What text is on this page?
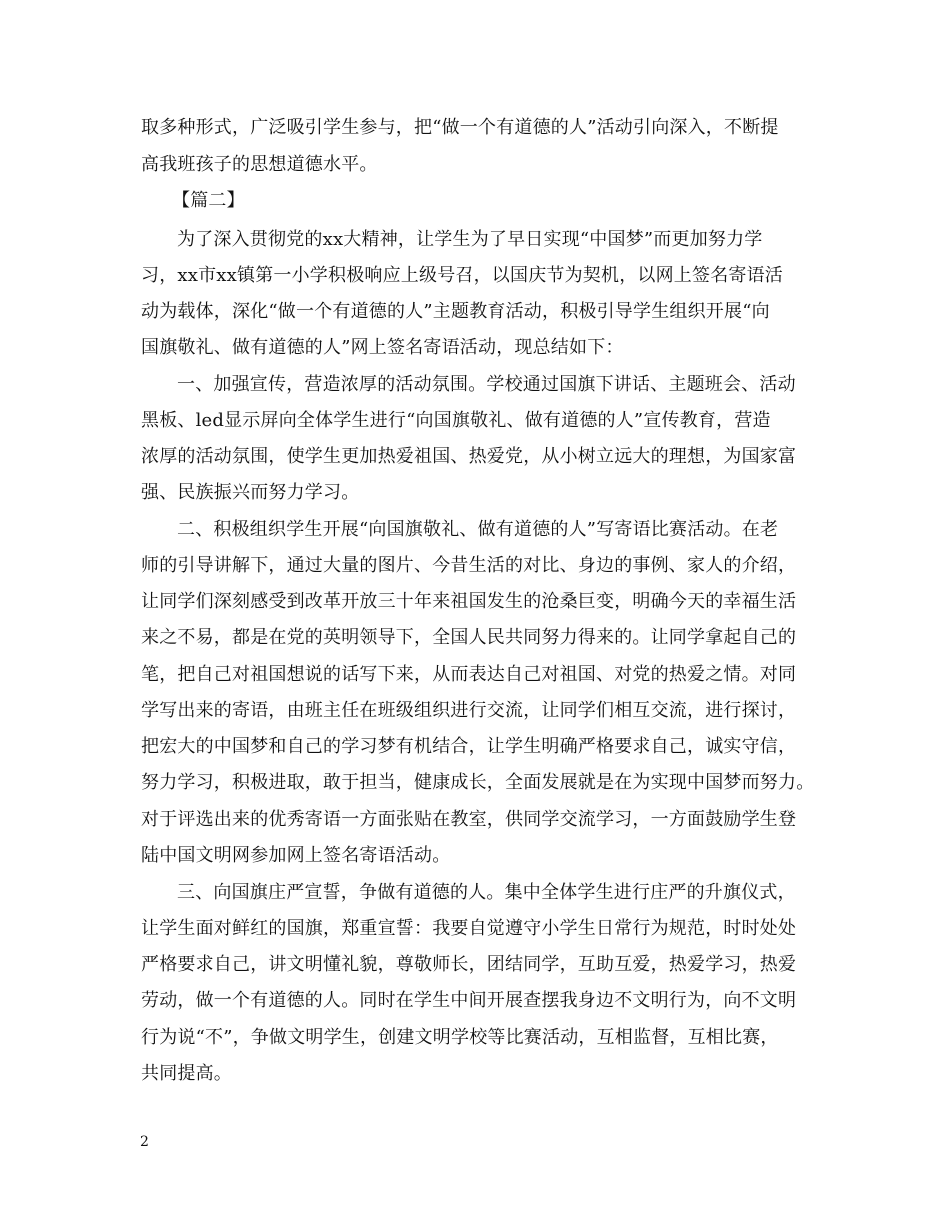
取多种形式，广泛吸引学生参与，把“做一个有道德的人”活动引向深入，不断提
高我班孩子的思想道德水平。
【篇二】
为了深入贯彻党的xx大精神，让学生为了早日实现“中国梦”而更加努力学
习，xx市xx镇第一小学积极响应上级号召，以国庆节为契机，以网上签名寄语活
动为载体，深化“做一个有道德的人”主题教育活动，积极引导学生组织开展“向
国旗敬礼、做有道德的人”网上签名寄语活动，现总结如下：
一、加强宣传，营造浓厚的活动氛围。学校通过国旗下讲话、主题班会、活动
黑板、led显示屏向全体学生进行“向国旗敬礼、做有道德的人”宣传教育，营造
浓厚的活动氛围，使学生更加热爱祖国、热爱党，从小树立远大的理想，为国家富
强、民族振兴而努力学习。
二、积极组织学生开展“向国旗敬礼、做有道德的人”写寄语比赛活动。在老
师的引导讲解下，通过大量的图片、今昔生活的对比、身边的事例、家人的介绍，
让同学们深刻感受到改革开放三十年来祖国发生的沧桑巨变，明确今天的幸福生活
来之不易，都是在党的英明领导下，全国人民共同努力得来的。让同学拿起自己的
笔，把自己对祖国想说的话写下来，从而表达自己对祖国、对党的热爱之情。对同
学写出来的寄语，由班主任在班级组织进行交流，让同学们相互交流，进行探讨，
把宏大的中国梦和自己的学习梦有机结合，让学生明确严格要求自己，诚实守信，
努力学习，积极进取，敢于担当，健康成长，全面发展就是在为实现中国梦而努力。
对于评选出来的优秀寄语一方面张贴在教室，供同学交流学习，一方面鼓励学生登
陆中国文明网参加网上签名寄语活动。
三、向国旗庄严宣誓，争做有道德的人。集中全体学生进行庄严的升旗仪式，
让学生面对鲜红的国旗，郑重宣誓：我要自觉遵守小学生日常行为规范，时时处处
严格要求自己，讲文明懂礼貌，尊敬师长，团结同学，互助互爱，热爱学习，热爱
劳动，做一个有道德的人。同时在学生中间开展查摆我身边不文明行为，向不文明
行为说“不”，争做文明学生，创建文明学校等比赛活动，互相监督，互相比赛，
共同提高。
2
